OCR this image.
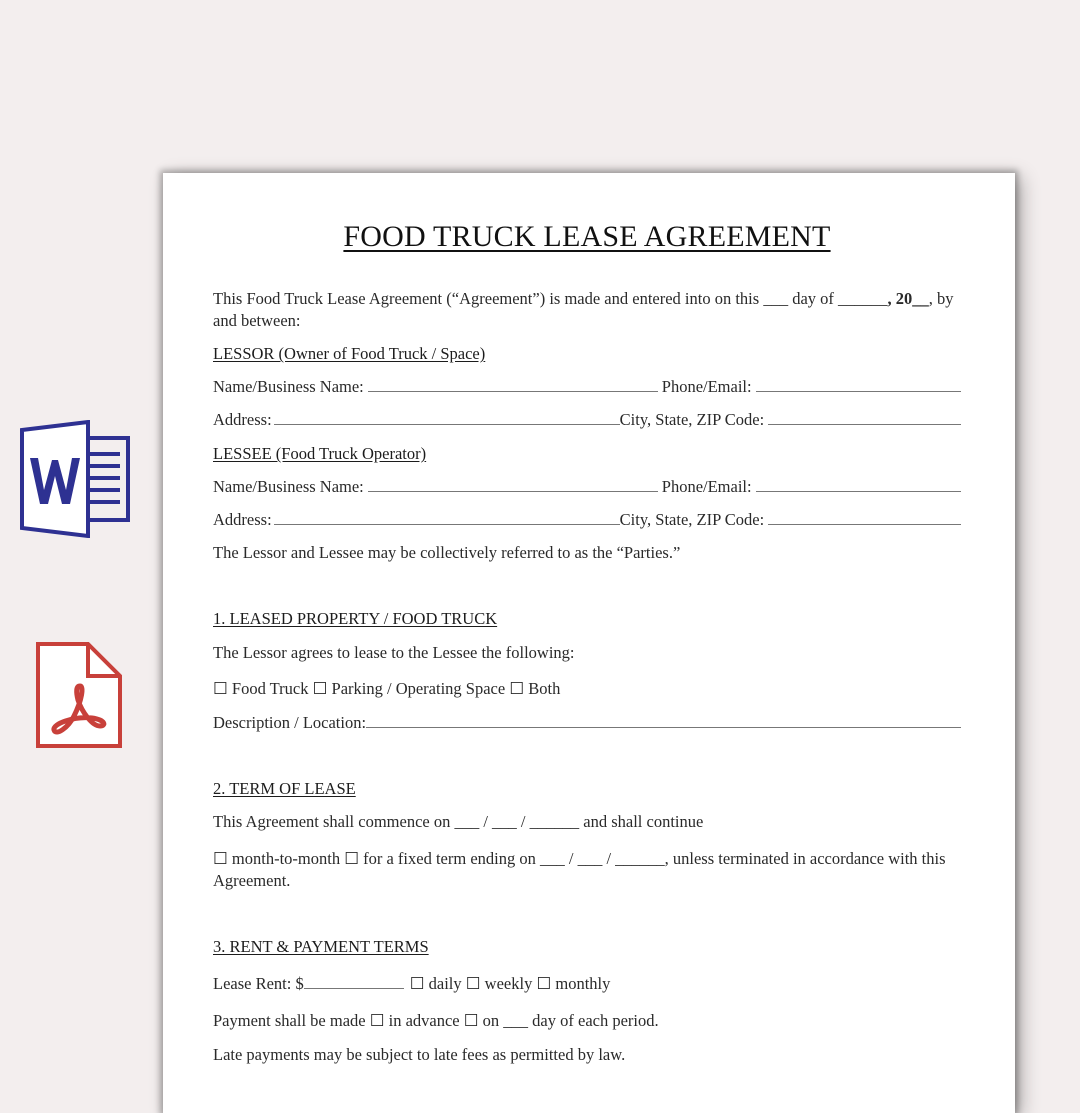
FOOD TRUCK LEASE AGREEMENT
This Food Truck Lease Agreement (“Agreement”) is made and entered into on this ___ day of ______, 20__, by and between:
LESSOR (Owner of Food Truck / Space)
Name/Business Name:	Phone/Email:
Address:	City, State, ZIP Code:
LESSEE (Food Truck Operator)
Name/Business Name:	Phone/Email:
Address:	City, State, ZIP Code:
The Lessor and Lessee may be collectively referred to as the “Parties.”
1. LEASED PROPERTY / FOOD TRUCK
The Lessor agrees to lease to the Lessee the following:
☐ Food Truck ☐ Parking / Operating Space ☐ Both
Description / Location:
2. TERM OF LEASE
This Agreement shall commence on ___ / ___ / ______ and shall continue
☐ month-to-month ☐ for a fixed term ending on ___ / ___ / ______, unless terminated in accordance with this Agreement.
3. RENT & PAYMENT TERMS
Lease Rent: $	☐ daily ☐ weekly ☐ monthly
Payment shall be made ☐ in advance ☐ on ___ day of each period.
Late payments may be subject to late fees as permitted by law.
